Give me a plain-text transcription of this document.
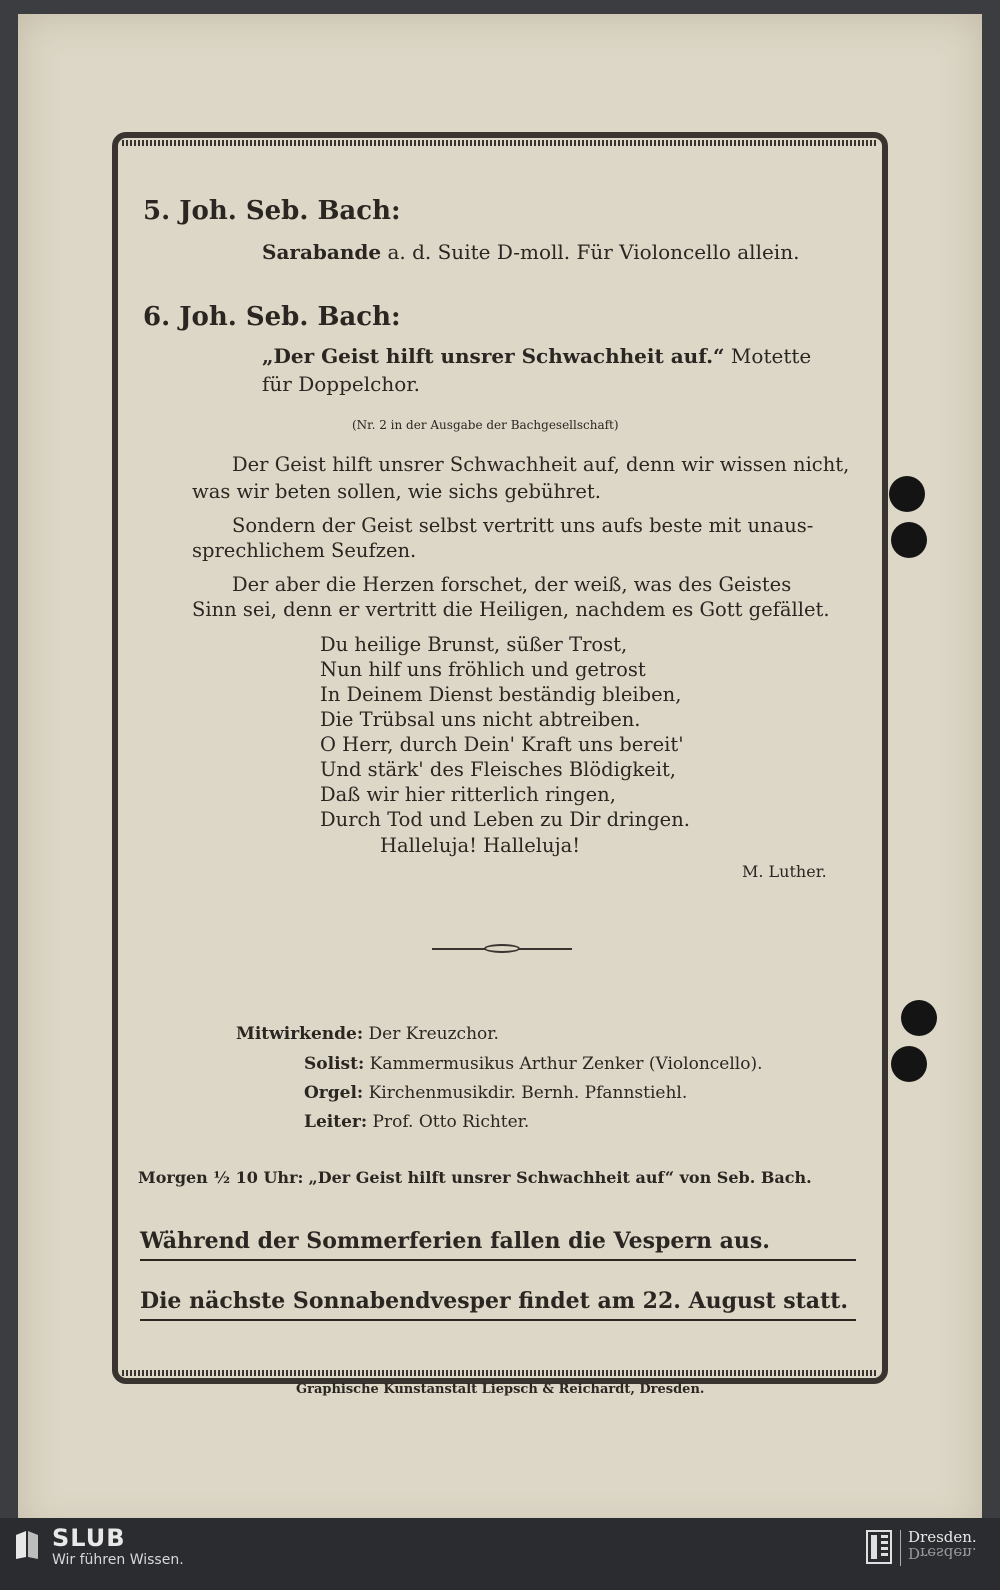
5. Joh. Seb. Bach:
Sarabande a. d. Suite D-moll. Für Violoncello allein.
6. Joh. Seb. Bach:
„Der Geist hilft unsrer Schwachheit auf.“ Motette
für Doppelchor.
(Nr. 2 in der Ausgabe der Bachgesellschaft)
Der Geist hilft unsrer Schwachheit auf, denn wir wissen nicht,
was wir beten sollen, wie sichs gebühret.
Sondern der Geist selbst vertritt uns aufs beste mit unaus-
sprechlichem Seufzen.
Der aber die Herzen forschet, der weiß, was des Geistes
Sinn sei, denn er vertritt die Heiligen, nachdem es Gott gefället.
Du heilige Brunst, süßer Trost,
Nun hilf uns fröhlich und getrost
In Deinem Dienst beständig bleiben,
Die Trübsal uns nicht abtreiben.
O Herr, durch Dein' Kraft uns bereit'
Und stärk' des Fleisches Blödigkeit,
Daß wir hier ritterlich ringen,
Durch Tod und Leben zu Dir dringen.
Halleluja! Halleluja!
M. Luther.
Mitwirkende: Der Kreuzchor.
Solist: Kammermusikus Arthur Zenker (Violoncello).
Orgel: Kirchenmusikdir. Bernh. Pfannstiehl.
Leiter: Prof. Otto Richter.
Morgen ½ 10 Uhr: „Der Geist hilft unsrer Schwachheit auf“ von Seb. Bach.
Während der Sommerferien fallen die Vespern aus.
Die nächste Sonnabendvesper findet am 22. August statt.
Graphische Kunstanstalt Liepsch & Reichardt, Dresden.
SLUB
Wir führen Wissen.
Dresden.
Dresden.
